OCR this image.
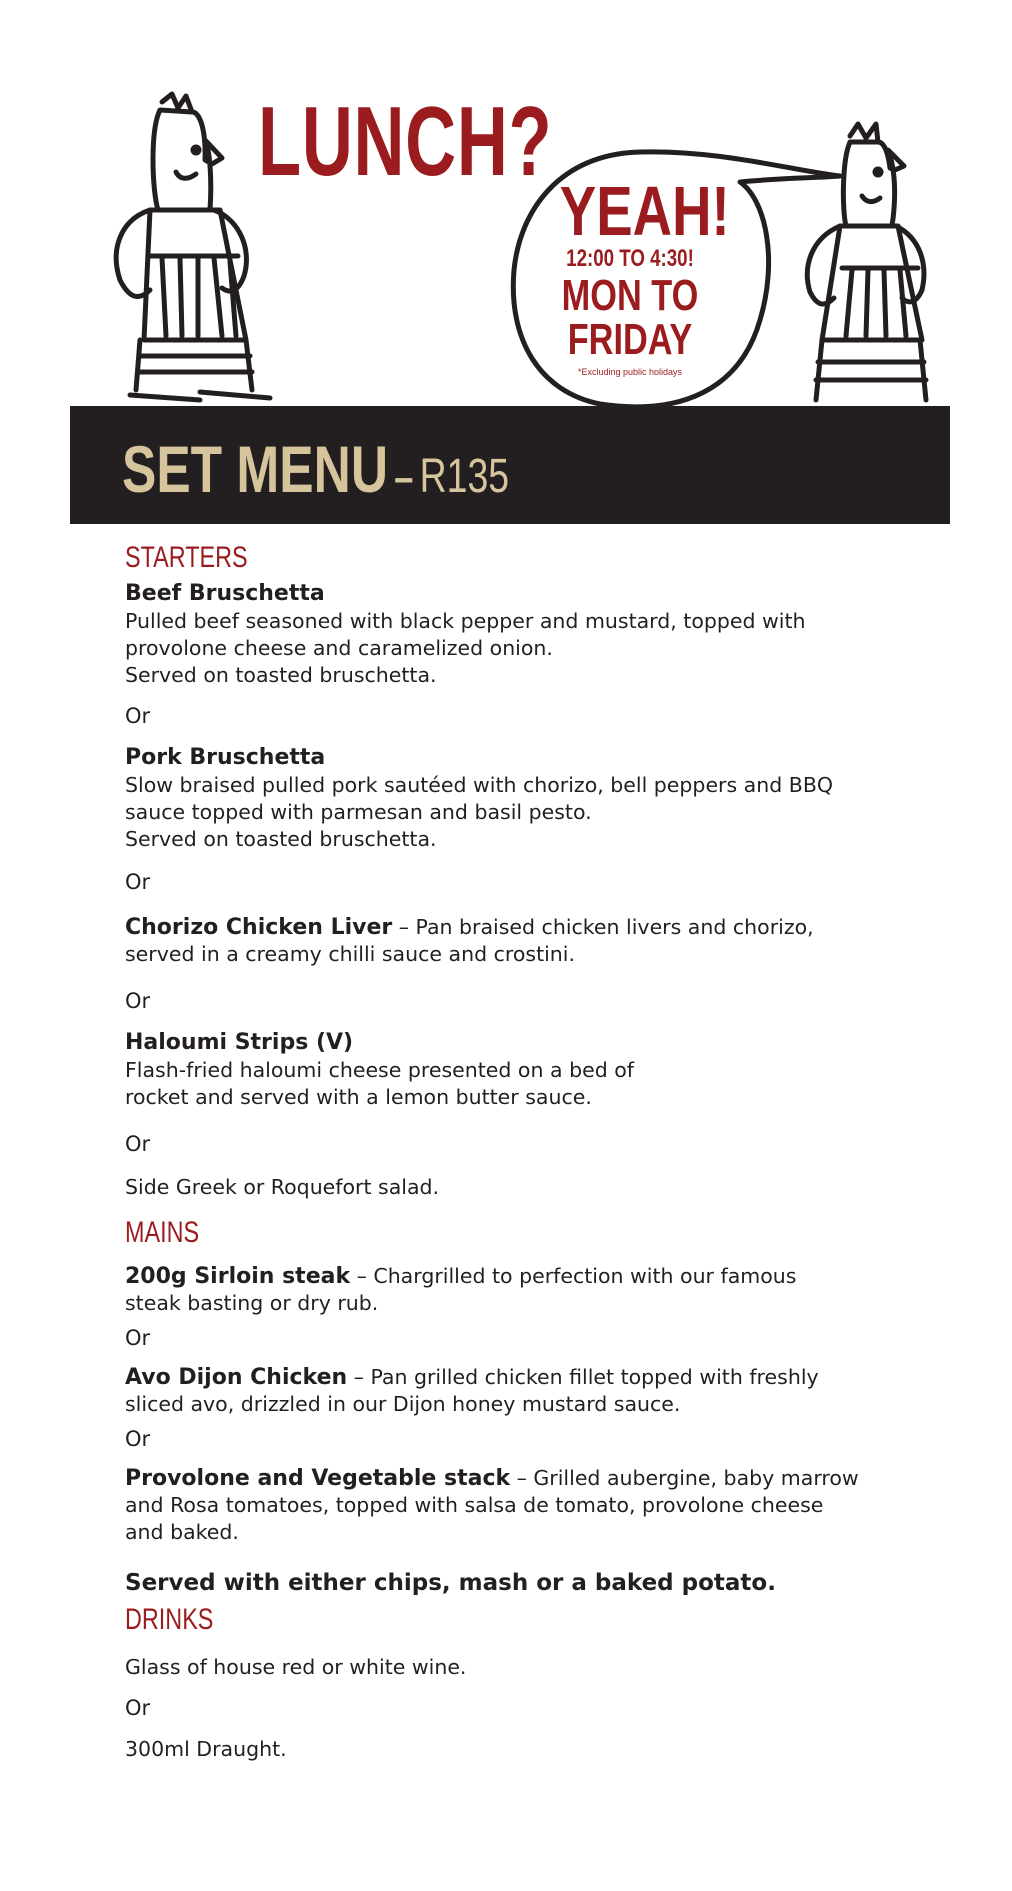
LUNCH?
YEAH!
12:00 TO 4:30!
MON TO
FRIDAY
*Excluding public holidays
SET MENU – R135
STARTERS

Beef Bruschetta

Pulled beef seasoned with black pepper and mustard, topped with

provolone cheese and caramelized onion.

Served on toasted bruschetta.

Or

Pork Bruschetta

Slow braised pulled pork sautéed with chorizo, bell peppers and BBQ

sauce topped with parmesan and basil pesto.

Served on toasted bruschetta.

Or

Chorizo Chicken Liver – Pan braised chicken livers and chorizo,

served in a creamy chilli sauce and crostini.

Or

Haloumi Strips (V)

Flash-fried haloumi cheese presented on a bed of

rocket and served with a lemon butter sauce.

Or

Side Greek or Roquefort salad.

MAINS

200g Sirloin steak – Chargrilled to perfection with our famous

steak basting or dry rub.

Or

Avo Dijon Chicken – Pan grilled chicken fillet topped with freshly

sliced avo, drizzled in our Dijon honey mustard sauce.

Or

Provolone and Vegetable stack – Grilled aubergine, baby marrow

and Rosa tomatoes, topped with salsa de tomato, provolone cheese

and baked.

Served with either chips, mash or a baked potato.

DRINKS

Glass of house red or white wine.

Or

300ml Draught.
